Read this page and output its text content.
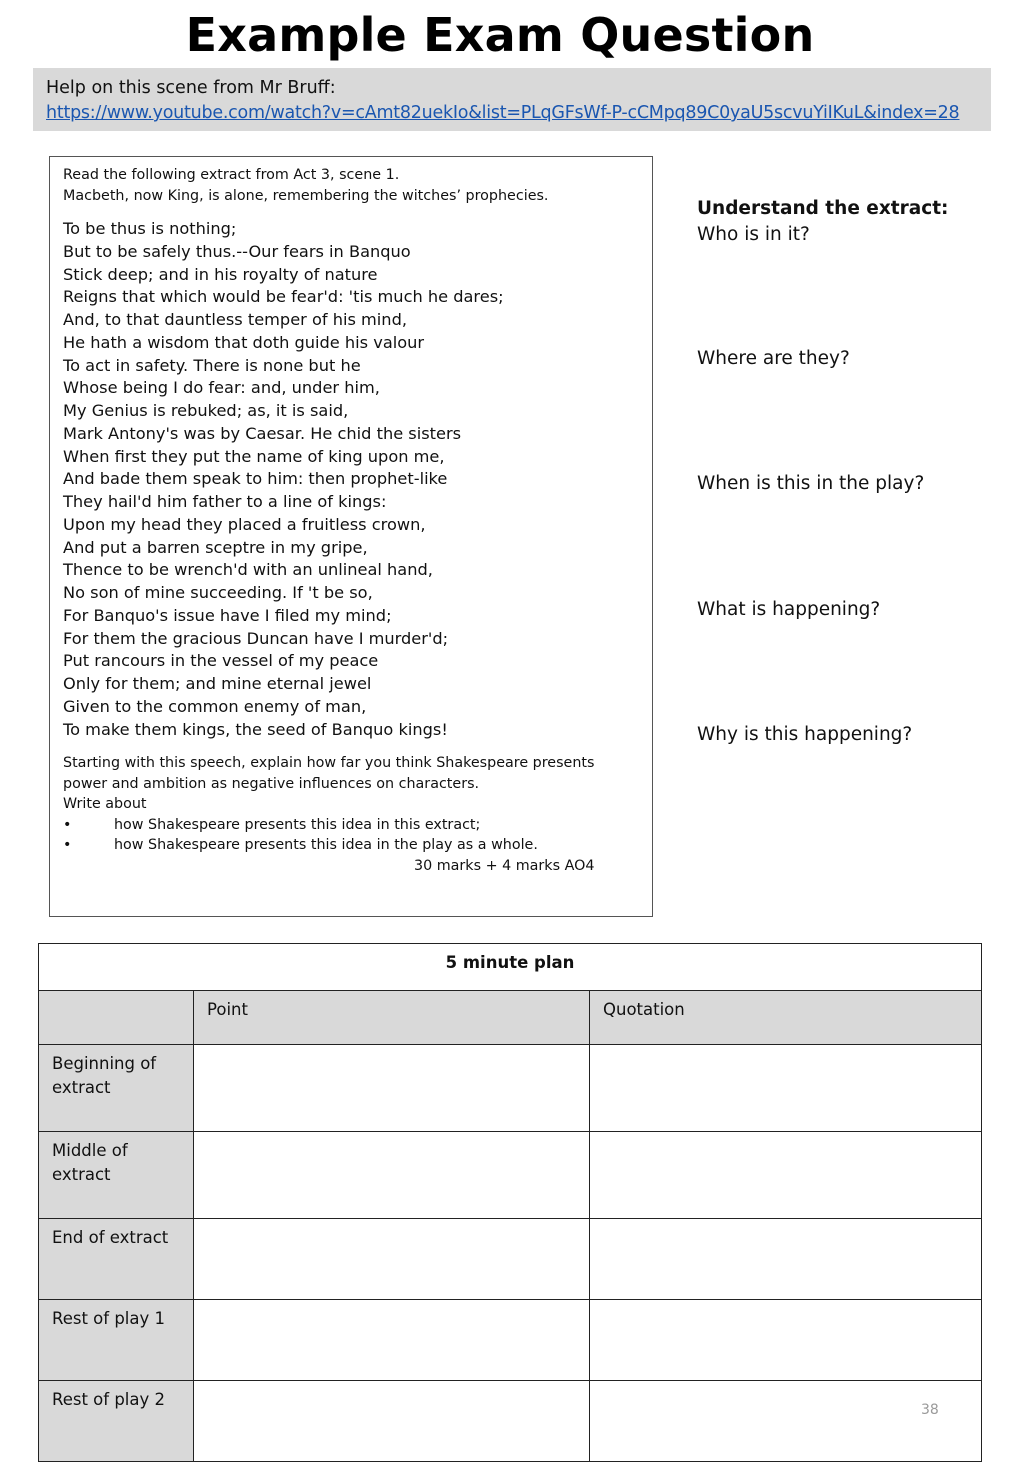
Example Exam Question
Help on this scene from Mr Bruff:
https://www.youtube.com/watch?v=cAmt82uekIo&list=PLqGFsWf-P-cCMpq89C0yaU5scvuYiIKuL&index=28
Read the following extract from Act 3, scene 1.
Macbeth, now King, is alone, remembering the witches’ prophecies.
To be thus is nothing;
But to be safely thus.--Our fears in Banquo
Stick deep; and in his royalty of nature
Reigns that which would be fear'd: 'tis much he dares;
And, to that dauntless temper of his mind,
He hath a wisdom that doth guide his valour
To act in safety. There is none but he
Whose being I do fear: and, under him,
My Genius is rebuked; as, it is said,
Mark Antony's was by Caesar. He chid the sisters
When first they put the name of king upon me,
And bade them speak to him: then prophet-like
They hail'd him father to a line of kings:
Upon my head they placed a fruitless crown,
And put a barren sceptre in my gripe,
Thence to be wrench'd with an unlineal hand,
No son of mine succeeding. If 't be so,
For Banquo's issue have I filed my mind;
For them the gracious Duncan have I murder'd;
Put rancours in the vessel of my peace
Only for them; and mine eternal jewel
Given to the common enemy of man,
To make them kings, the seed of Banquo kings!
Starting with this speech, explain how far you think Shakespeare presents power and ambition as negative influences on characters.
Write about
•	how Shakespeare presents this idea in this extract;
•	how Shakespeare presents this idea in the play as a whole.
30 marks + 4 marks AO4
Understand the extract:
Who is in it?
Where are they?
When is this in the play?
What is happening?
Why is this happening?
5 minute plan		
	Point	Quotation
Beginning of extract		
Middle of extract		
End of extract		
Rest of play 1		
Rest of play 2		
38
